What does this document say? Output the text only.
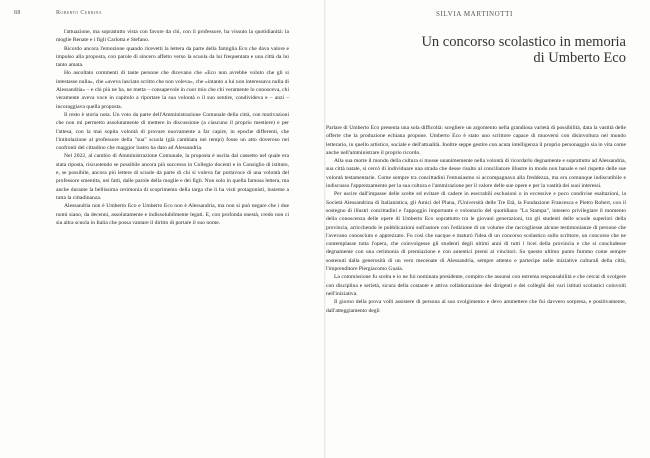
88	Roberto Cerrina

l'attuazione, ma soprattutto vista con favore da chi, con il professore, ha vissuto la quotidianità: la moglie Renate e i figli Carlotta e Stefano.

Ricordo ancora l'emozione quando ricevetti la lettera da parte della famiglia Eco che dava valore e impulso alla proposta, con parole di sincero affetto verso la scuola da lui frequentata e una città da lui tanto amata.

Ho ascoltato commenti di tante persone che dicevano che «Eco non avrebbe voluto che gli si intestasse nulla», che «aveva lasciato scritto che non voleva», che «intanto a lui non interessava nulla di Alessandria» – e chi più ne ha, ne metta – consapevole in cuor mio che chi veramente lo conosceva, chi veramente aveva voce in capitolo a riportare la sua volontà o il suo sentire, condivideva e – anzi – incoraggiava quella proposta.

Il resto è storia nota. Un voto da parte dell'Amministrazione Comunale della città, con motivazioni che non mi permetto assolutamente di mettere in discussione (a ciascuno il proprio mestiere) e per l'attesa, con la mai sopita volontà di provare nuovamente a far capire, in epoche differenti, che l'intitolazione al professore della "sua" scuola (già cambiata nei tempi) fosse un atto doveroso nei confronti del cittadino che maggior lustro ha dato ad Alessandria.

Nel 2022, al cambio di Amministrazione Comunale, la proposta è uscita dal cassetto nel quale era stata riposta, riscuotendo se possibile ancora più successo in Collegio docenti e in Consiglio di istituto, e, se possibile, ancora più lettere di scuole da parte di chi si voleva far portavoce di una volontà del professore smentita, nei fatti, dalle parole della moglie e dei figli. Non solo in quella famosa lettera, ma anche durante la bellissima cerimonia di scoprimento della targa che li ha visti protagonisti, insieme a tutta la cittadinanza.

Alessandria non è Umberto Eco e Umberto Eco non è Alessandria, ma non si può negare che i due nomi siano, da decenni, assolutamente e indissolubilmente legati. E, con profonda onestà, credo non ci sia altra scuola in Italia che possa vantare il diritto di portare il suo nome.

SILVIA MARTINOTTI
Un concorso scolastico in memoria
di Umberto Eco

Parlare di Umberto Eco presenta una sola difficoltà: scegliere un argomento nella grandiosa varietà di possibilità, data la vastità delle offerte che la produzione echiana propone. Umberto Eco è stato uno scrittore capace di muoversi con disinvoltura nel mondo letterario, in quello artistico, sociale e dell'attualità. Inoltre seppe gestire con acuta intelligenza il proprio personaggio sia in vita come anche nell'amministrare il proprio ricordo.

Alla sua morte il mondo della cultura si mosse unanimemente nella volontà di ricordarlo degnamente e soprattutto ad Alessandria, sua città natale, si cercò di individuare una strada che desse risalto al conciliatore illustre in modo non banale e nel rispetto delle sue volontà testamentarie. Come sempre tra concittadini l'entusiasmo si accompagnava alla freddezza, ma era comunque indiscutibile e indiscusso l'apprezzamento per la sua cultura e l'ammirazione per il valore delle sue opere e per la vastità dei suoi interessi.

Per uscire dall'impasse delle scelte ed evitare di cadere in esecrabili esclusioni o in eccessive e poco condivise esaltazioni, la Società Alessandrina di Italianistica, gli Amici del Plana, l'Università delle Tre Età, la Fondazione Francesca e Pietro Robert, con il sostegno di illustri concittadini e l'appoggio importante e volontario del quotidiano "La Stampa", intesero privilegiare il momento della conoscenza delle opere di Umberto Eco soprattutto tra le giovani generazioni, tra gli studenti delle scuole superiori della provincia, arricchendo le pubblicazioni sull'autore con l'edizione di un volume che raccogliesse alcune testimonianze di persone che l'avevano conosciuto e apprezzato. Fu così che nacque e maturò l'idea di un concorso scolastico sullo scrittore, un concorso che ne contemplasse tutta l'opera, che coinvolgesse gli studenti degli ultimi anni di tutti i licei della provincia e che si concludesse degnamente con una cerimonia di premiazione e con autentici premi ai vincitori. Su questo ultimo punto fummo come sempre sostenuti dalla generosità di un vero mecenate di Alessandria, sempre attento e partecipe nelle iniziative culturali della città, l'imprenditore Piergiacomo Guala.

La commissione fu scelta e io ne fui nominata presidente, compito che assunsi con estrema responsabilità e che cercai di svolgere con disciplina e serietà, sicura della costante e attiva collaborazione dei dirigenti e dei colleghi dei vari istituti scolastici coinvolti nell'iniziativa.

Il giorno della prova volli assistere di persona al suo svolgimento e devo ammettere che fui davvero sorpresa, e positivamente, dall'atteggiamento degli
